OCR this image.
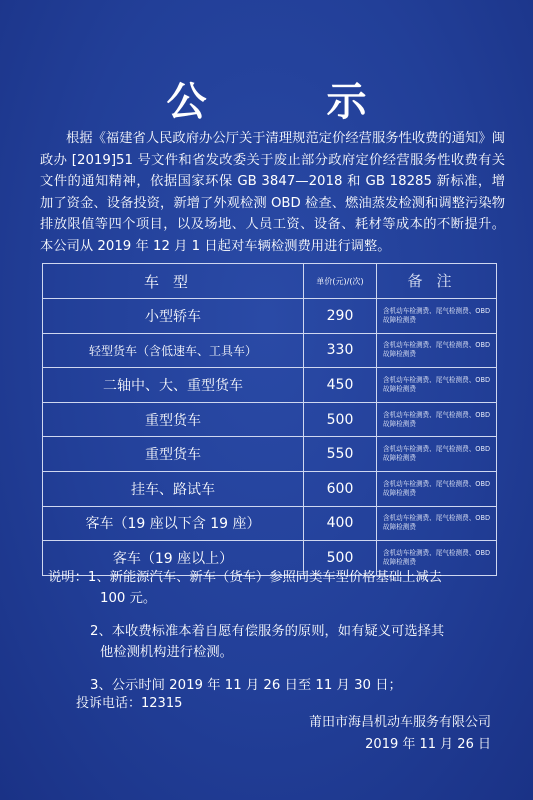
公　示
根据《福建省人民政府办公厅关于清理规范定价经营服务性收费的通知》闽政办 [2019]51 号文件和省发改委关于废止部分政府定价经营服务性收费有关文件的通知精神，依据国家环保 GB 3847—2018 和 GB 18285 新标准，增加了资金、设备投资，新增了外观检测 OBD 检查、燃油蒸发检测和调整污染物排放限值等四个项目，以及场地、人员工资、设备、耗材等成本的不断提升。本公司从 2019 年 12 月 1 日起对车辆检测费用进行调整。
车型	单价(元)/(次)	备注
小型轿车	290	含机动车检测费、尾气检测费、OBD 故障检测费
轻型货车（含低速车、工具车）	330	含机动车检测费、尾气检测费、OBD 故障检测费
二轴中、大、重型货车	450	含机动车检测费、尾气检测费、OBD 故障检测费
重型货车	500	含机动车检测费、尾气检测费、OBD 故障检测费
重型货车	550	含机动车检测费、尾气检测费、OBD 故障检测费
挂车、路试车	600	含机动车检测费、尾气检测费、OBD 故障检测费
客车（19 座以下含 19 座）	400	含机动车检测费、尾气检测费、OBD 故障检测费
客车（19 座以上）	500	含机动车检测费、尾气检测费、OBD 故障检测费
说明： 1、新能源汽车、新车（货车）参照同类车型价格基础上减去
100 元。
2、本收费标准本着自愿有偿服务的原则，如有疑义可选择其
他检测机构进行检测。
3、公示时间 2019 年 11 月 26 日至 11 月 30 日；
投诉电话：12315
莆田市海昌机动车服务有限公司
2019 年 11 月 26 日
